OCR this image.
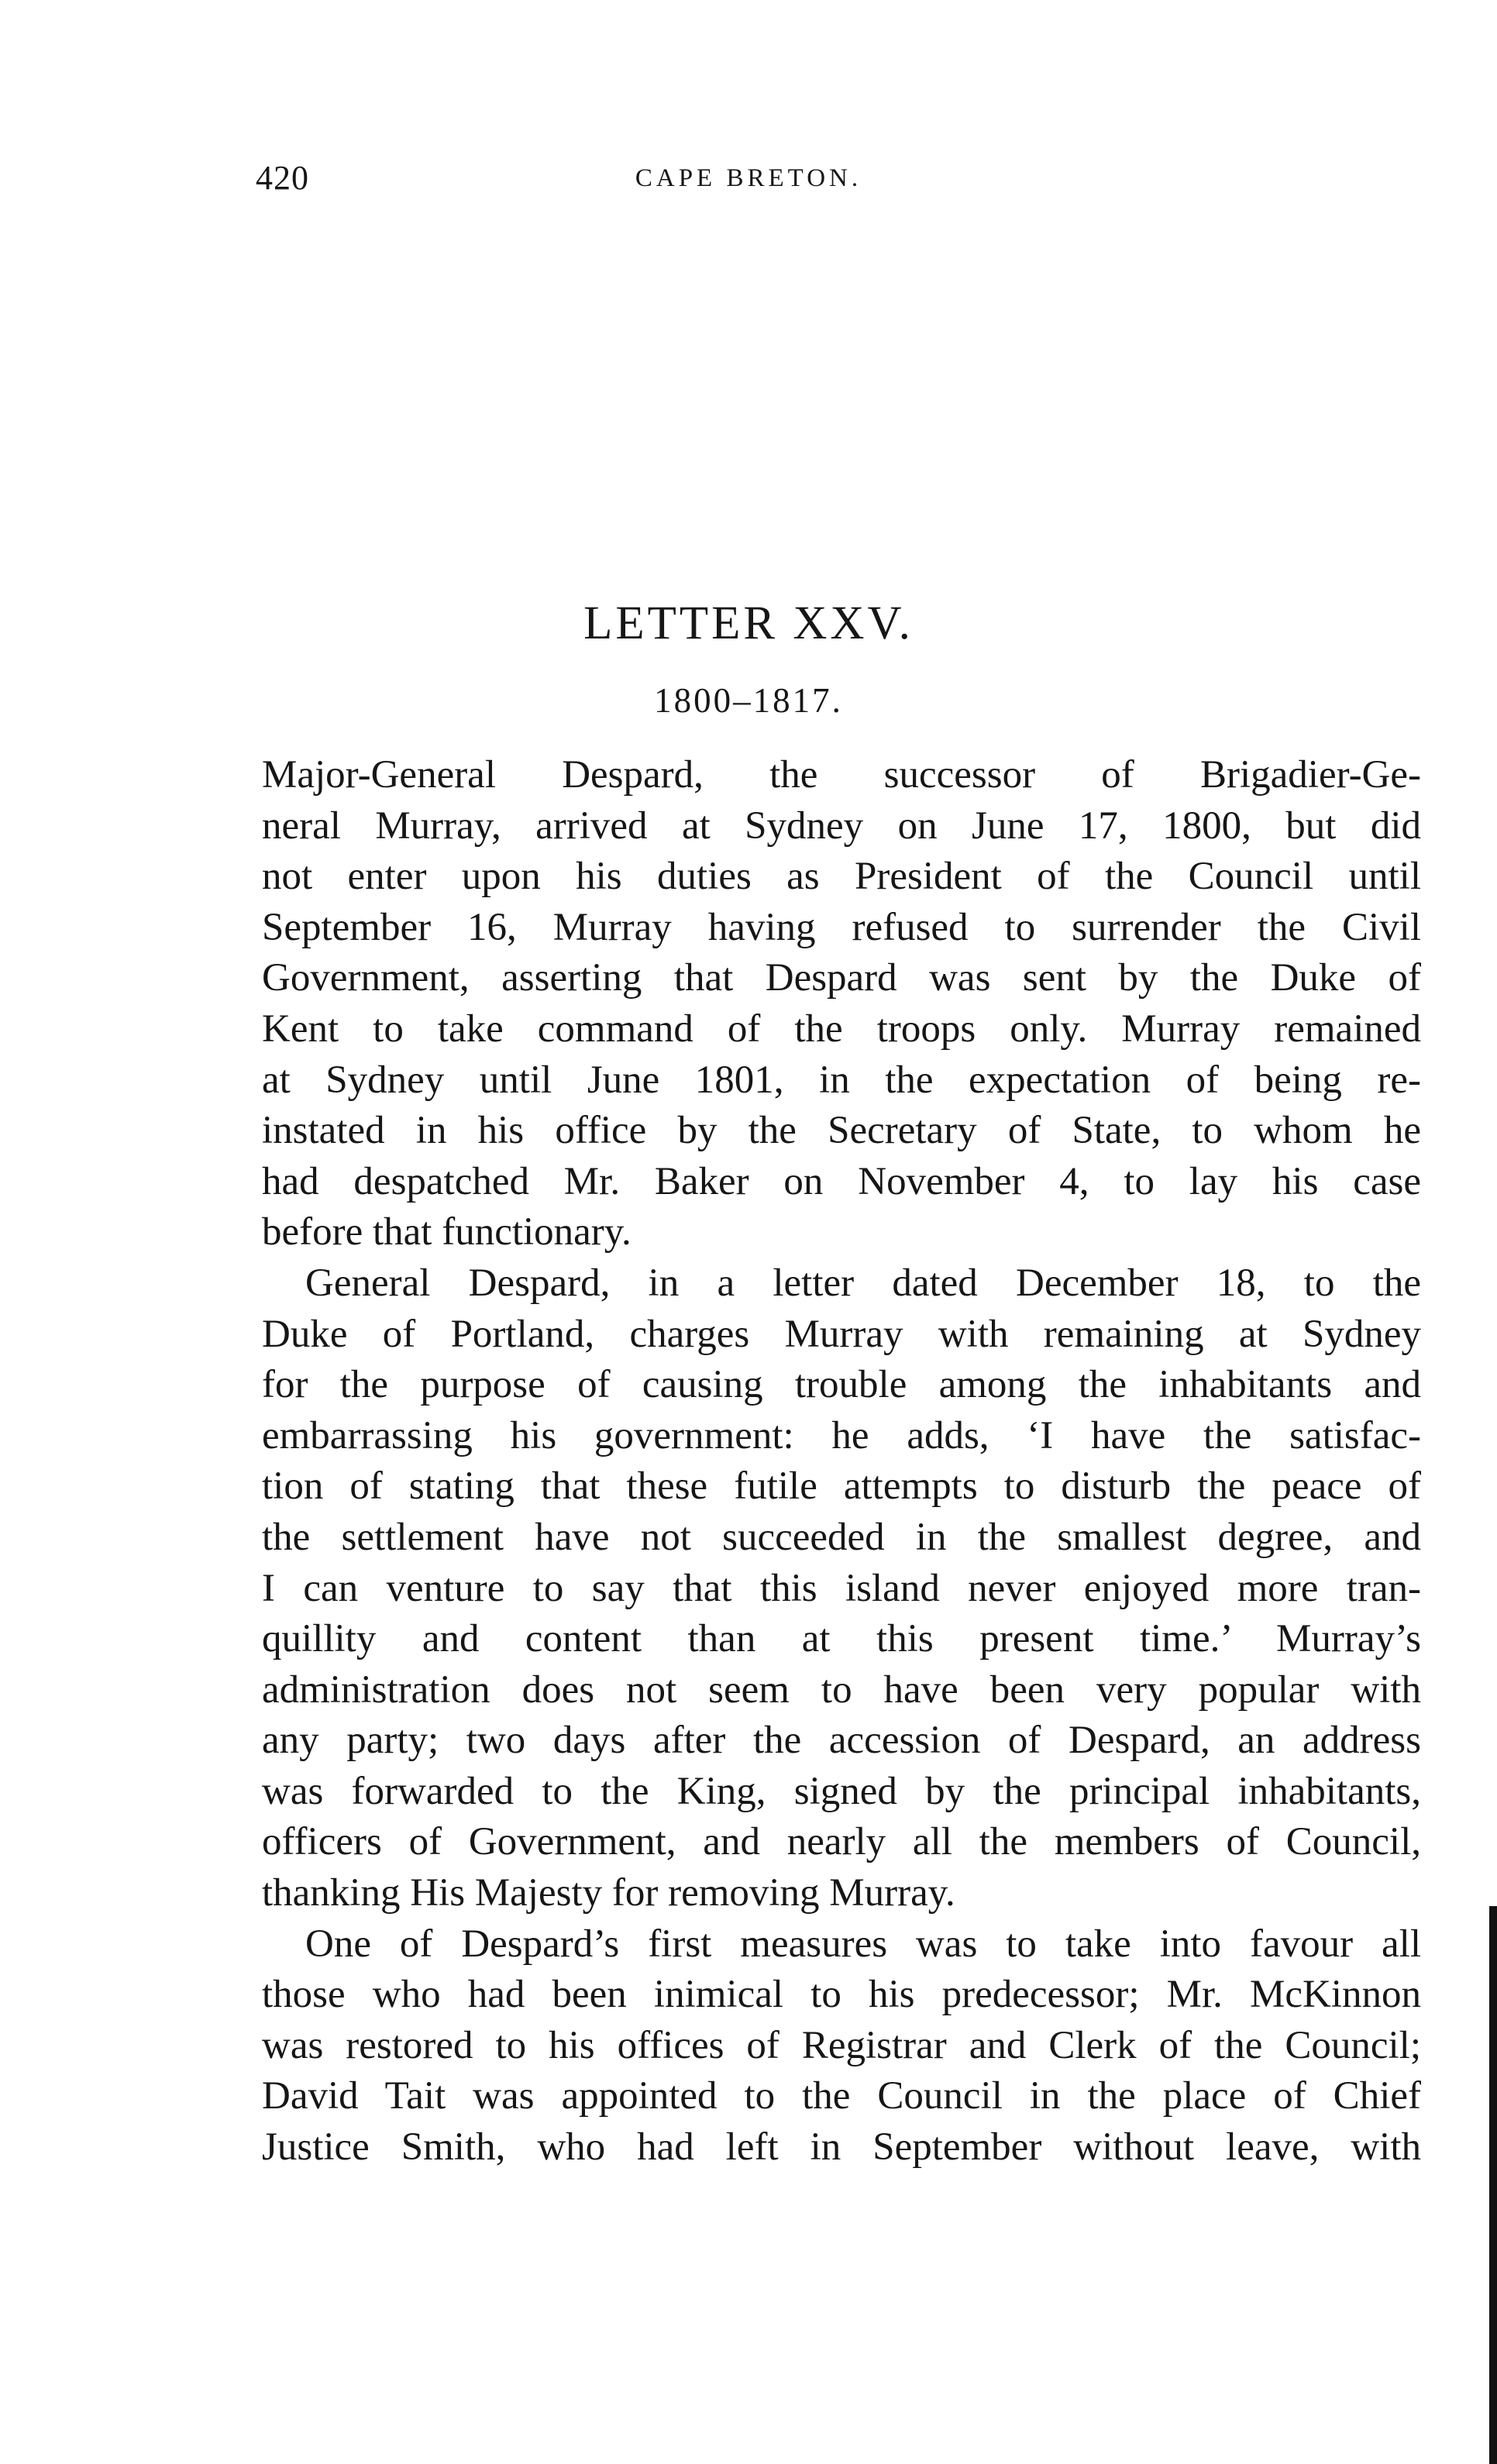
420	CAPE BRETON.
LETTER XXV.
1800–1817.
Major-General Despard, the successor of Brigadier-Ge-
neral Murray, arrived at Sydney on June 17, 1800, but did
not enter upon his duties as President of the Council until
September 16, Murray having refused to surrender the Civil
Government, asserting that Despard was sent by the Duke of
Kent to take command of the troops only. Murray remained
at Sydney until June 1801, in the expectation of being re-
instated in his office by the Secretary of State, to whom he
had despatched Mr. Baker on November 4, to lay his case
before that functionary.
General Despard, in a letter dated December 18, to the
Duke of Portland, charges Murray with remaining at Sydney
for the purpose of causing trouble among the inhabitants and
embarrassing his government: he adds, ‘I have the satisfac-
tion of stating that these futile attempts to disturb the peace of
the settlement have not succeeded in the smallest degree, and
I can venture to say that this island never enjoyed more tran-
quillity and content than at this present time.’ Murray’s
administration does not seem to have been very popular with
any party; two days after the accession of Despard, an address
was forwarded to the King, signed by the principal inhabitants,
officers of Government, and nearly all the members of Council,
thanking His Majesty for removing Murray.
One of Despard’s first measures was to take into favour all
those who had been inimical to his predecessor; Mr. McKinnon
was restored to his offices of Registrar and Clerk of the Council;
David Tait was appointed to the Council in the place of Chief
Justice Smith, who had left in September without leave, with
